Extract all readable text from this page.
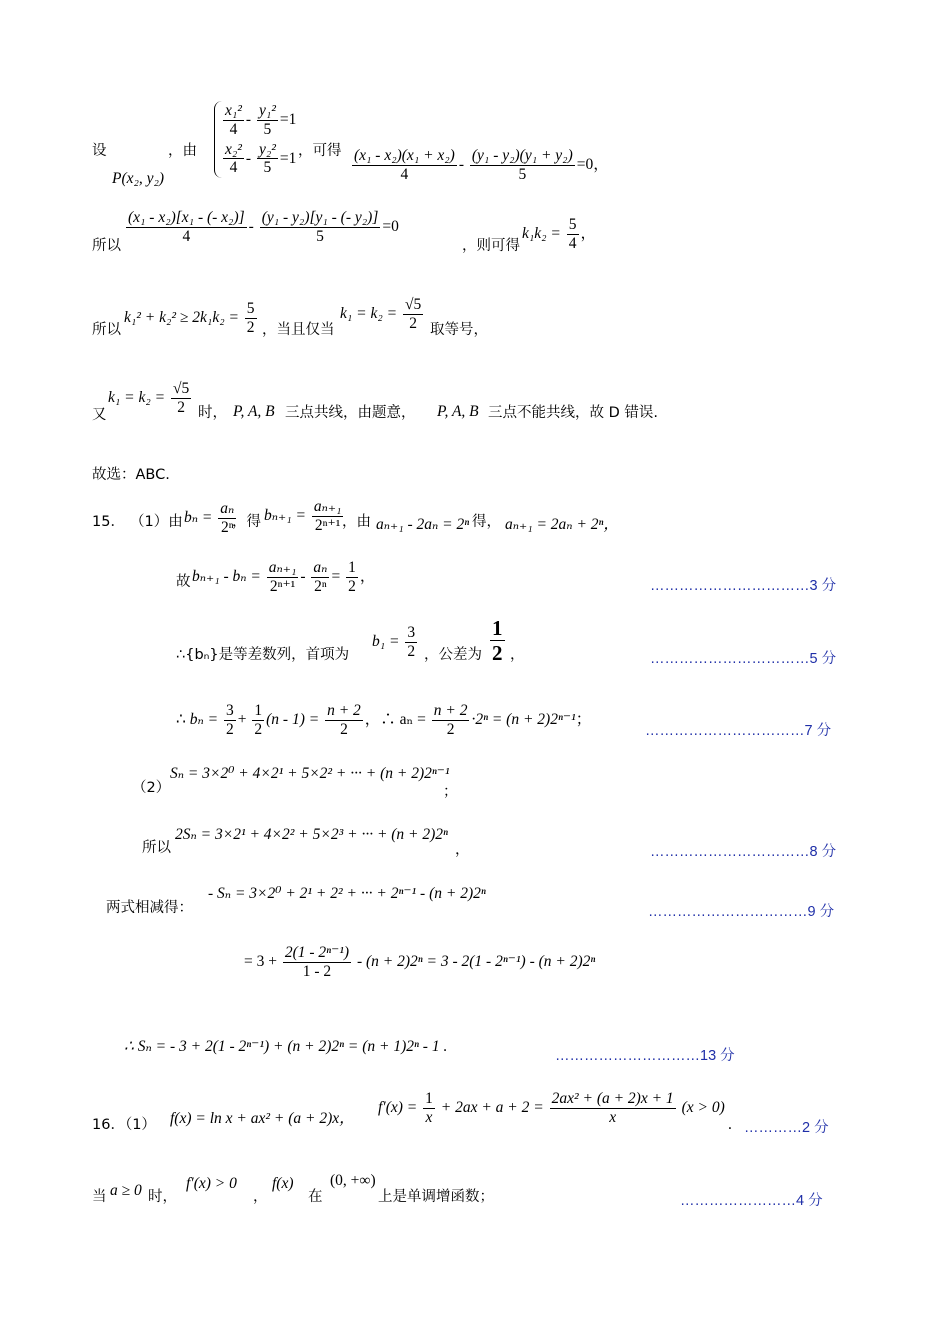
设
P(x₂, y₂)
，由
$\frac{\text{x₁²}}{4} - \frac{\text{y₁²}}{5} =1$
$\frac{\text{x₂²}}{4} - \frac{\text{y₂²}}{5} =1$ ，可得 $\frac{\text{(x₁ - x₂)(x₁ + x₂)}}{4} - \frac{\text{(y₁ - y₂)(y₁ + y₂)}}{5} =0$，
所以
$\frac{\text{(x₁ - x₂)[x₁ - (- x₂)]}}{4} - \frac{\text{(y₁ - y₂)[y₁ - (- y₂)]}}{5} =0$
，则可得
$k_1k_2 = \frac{5}{4}$ ，
所以
$k_1^2 + k_2^2 \ge 2k_1k_2 = \frac{5}{2}$ ，当且仅当
$k_1 = k_2 = \frac{√5}{2}$ 取等号，
又
$k_1 = k_2 = \frac{√5}{2}$ 时， P, A, B 三点共线，由题意， P, A, B 三点不能共线，故 D 错误.
故选：ABC.
15． （1）由 $b_n = \frac{\text{aₙ}}{\text{2ⁿ}}$
，得 $b_{n+1} = \frac{\text{aₙ₊₁}}{\text{2ⁿ⁺¹}}$
，由 aₙ₊₁ - 2aₙ = 2ⁿ 得， aₙ₊₁ = 2aₙ + 2ⁿ，
故 $b_{n+1} - b_n = \frac{\text{aₙ₊₁}}{\text{2ⁿ⁺¹}} - \frac{\text{aₙ}}{\text{2ⁿ}} = \frac{1}{2}$ ，
……………………………3 分
∴{bₙ}是等差数列，首项为
$b_1 = \frac{3}{2}$ ，公差为 $\frac{1}{2}$ ，	……………………………5 分
∴ $b_n = \frac{3}{2} + \frac{1}{2} (n - 1) = \frac{n + 2}{2}$ ，∴ $a_n = \frac{n + 2}{2} \cdot 2^n = (n + 2)2^{n-1}$；
……………………………7 分
（2）
Sₙ = 3×2⁰ + 4×2¹ + 5×2² + ··· + (n + 2)2ⁿ⁻¹
；
所以
2Sₙ = 3×2¹ + 4×2² + 5×2³ + ··· + (n + 2)2ⁿ
，	……………………………8 分
两式相减得：
- Sₙ = 3×2⁰ + 2¹ + 2² + ··· + 2ⁿ⁻¹ - (n + 2)2ⁿ
……………………………9 分
= $3 + \frac{\text{2(1 - 2ⁿ⁻¹)}}{1 - 2} - (n + 2)2^n = 3 - 2(1 - 2^{n-1}) - (n + 2)2^n$
∴ Sₙ = - 3 + 2(1 - 2ⁿ⁻¹) + (n + 2)2ⁿ = (n + 1)2ⁿ - 1 .
…………………………13 分
16．（1） f(x) = ln x + ax² + (a + 2)x，
$f'(x) = \frac{1}{x} + 2ax + a + 2 = \frac{\text{2ax² + (a + 2)x + 1}}{x} (x > 0)$
. …………2 分
当 a ≥ 0 时，
f′(x) > 0
，
f(x)
在
(0, +∞)
上是单调增函数；	……………………4 分
